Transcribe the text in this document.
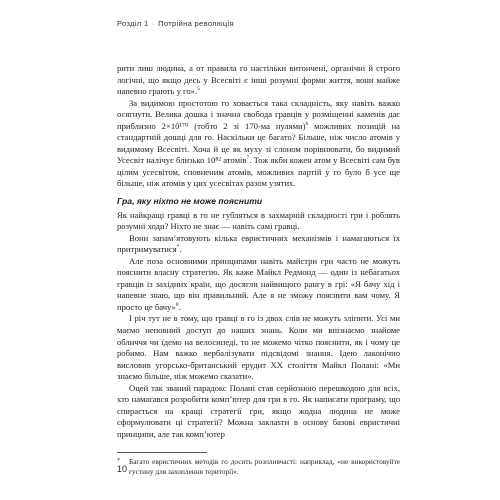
Розділ 1 · Потрійна революція

рити лиш людина, а от правила го настільки витончені, органічні й строго логічні, що якщо десь у Всесвіті є інші розумні форми життя, вони майже напевно грають у го».$^5$

За видимою простотою го ховається така складність, яку навіть важко осягнути. Велика дошка і значна свобода гравців у розміщенні каменів дає приблизно 2×10¹⁷⁰ (тобто 2 зі 170-ма нулями)$^6$ можливих позицій на стандартній дошці для го. Наскільки це багато? Більше, ніж число атомів у видимому Всесвіті. Хоча й це як муху зі слоном порівнювати, бо видимий Усесвіт налічує близько 10⁸² атомів$^7$. Тож якби кожен атом у Всесвіті сам був цілим усесвітом, сповненим атомів, можливих партій у го було б усе ще більше, ніж атомів у цих усесвітах разом узятих.

Гра, яку ніхто не може пояснити

Як найкращі гравці в го не губляться в захмарній складності гри і роблять розумні ходи? Ніхто не знає — навіть самі гравці.

Вони запам’ятовують кілька евристичних механізмів і намагаються їх притримуватися*.

Але поза основними принципами навіть майстри гри часто не можуть пояснити власну стратегію. Як каже Майкл Редмонд — один із небагатьох гравців із західних країн, що досягли найвищого рангу в грі: «Я бачу хід і напевне знаю, що він правильний. Але я не зможу пояснити вам чому. Я просто це бачу»$^8$.

І річ тут не в тому, що гравці в го із двох слів не можуть зліпити. Усі ми маємо неповний доступ до наших знань. Коли ми впізнаємо знайоме обличчя чи їдемо на велосипеді, то не можемо чітко пояснити, як і чому це робимо. Нам важко вербалізувати підсвідомі знання. Ідею лаконічно висловив угорсько-британський ерудит XX століття Майкл Полані: «Ми знаємо більше, ніж можемо сказати».

Оцей так званий парадокс Полані став серйозною перешкодою для всіх, хто намагався розробити комп’ютер для гри в го. Як написати програму, що спирається на кращі стратегії гри, якщо жодна людина не може сформулювати ці стратегії? Можна заклasти в основу базові евристичні принципи, але так комп’ютер

* Багато евристичних методів го досить розпливчасті: наприклад, «не використовуйте густину для захоплення території».
10
